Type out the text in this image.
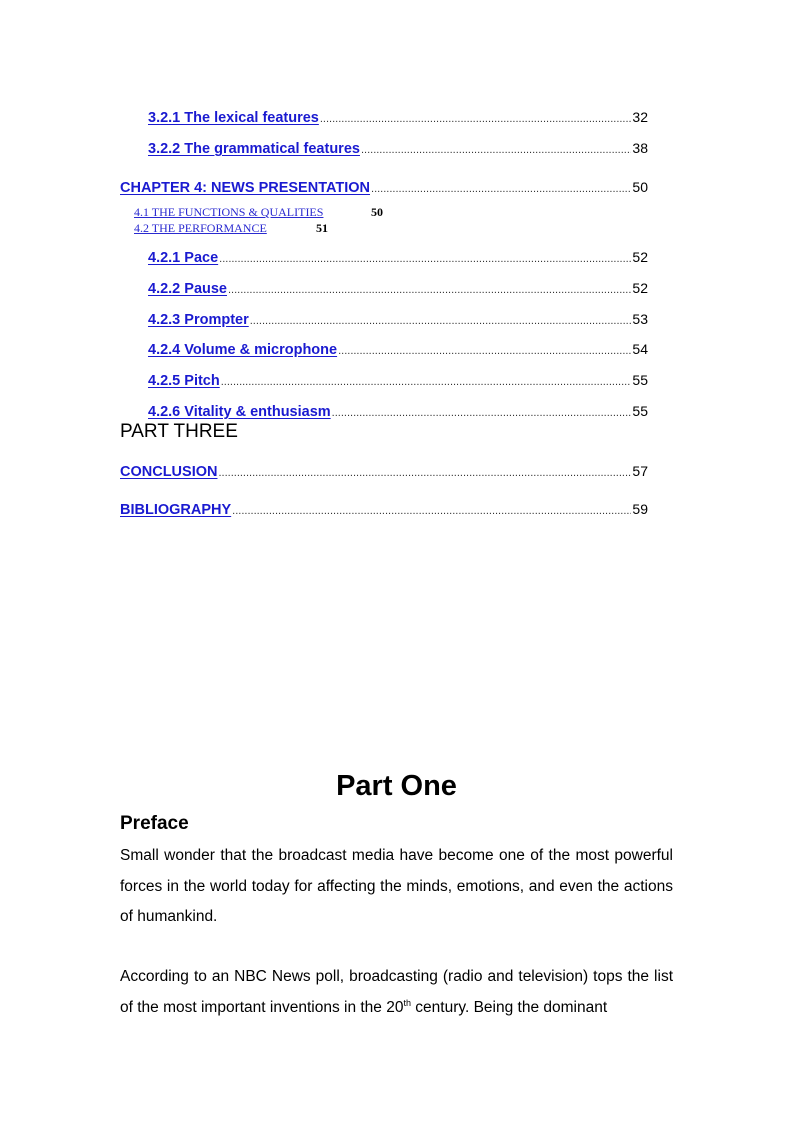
3.2.1 The lexical features .....	32
3.2.2 The grammatical features .....	38
CHAPTER 4: NEWS PRESENTATION .....	50
4.1 THE FUNCTIONS & QUALITIES	50
4.2 THE PERFORMANCE	51
4.2.1 Pace .....	52
4.2.2 Pause .....	52
4.2.3 Prompter .....	53
4.2.4 Volume & microphone .....	54
4.2.5 Pitch .....	55
4.2.6 Vitality & enthusiasm .....	55
PART THREE
CONCLUSION .....	57
BIBLIOGRAPHY .....	59
Part One
Preface

Small wonder that the broadcast media have become one of the most powerful forces in the world today for affecting the minds, emotions, and even the actions of humankind.

According to an NBC News poll, broadcasting (radio and television) tops the list of the most important inventions in the 20th century. Being the dominant
